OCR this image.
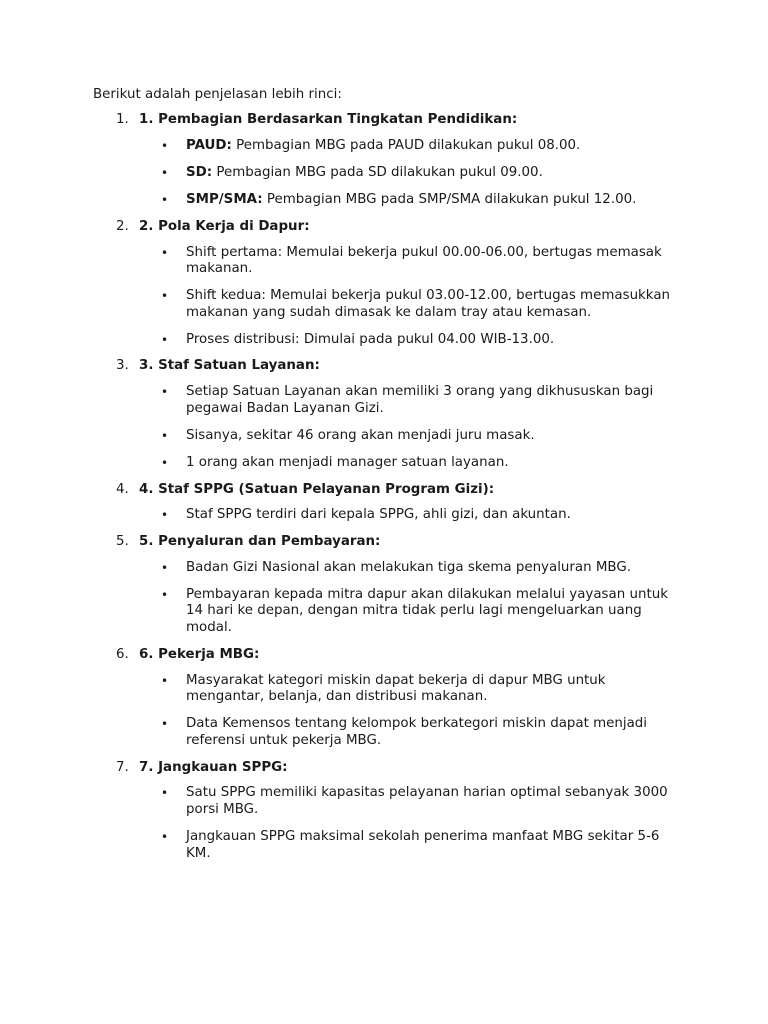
Berikut adalah penjelasan lebih rinci:

1. 1. Pembagian Berdasarkan Tingkatan Pendidikan:
• PAUD: Pembagian MBG pada PAUD dilakukan pukul 08.00.
• SD: Pembagian MBG pada SD dilakukan pukul 09.00.
• SMP/SMA: Pembagian MBG pada SMP/SMA dilakukan pukul 12.00.
2. 2. Pola Kerja di Dapur:
• Shift pertama: Memulai bekerja pukul 00.00-06.00, bertugas memasak makanan.
• Shift kedua: Memulai bekerja pukul 03.00-12.00, bertugas memasukkan makanan yang sudah dimasak ke dalam tray atau kemasan.
• Proses distribusi: Dimulai pada pukul 04.00 WIB-13.00.
3. 3. Staf Satuan Layanan:
• Setiap Satuan Layanan akan memiliki 3 orang yang dikhususkan bagi pegawai Badan Layanan Gizi.
• Sisanya, sekitar 46 orang akan menjadi juru masak.
• 1 orang akan menjadi manager satuan layanan.
4. 4. Staf SPPG (Satuan Pelayanan Program Gizi):
• Staf SPPG terdiri dari kepala SPPG, ahli gizi, dan akuntan.
5. 5. Penyaluran dan Pembayaran:
• Badan Gizi Nasional akan melakukan tiga skema penyaluran MBG.
• Pembayaran kepada mitra dapur akan dilakukan melalui yayasan untuk 14 hari ke depan, dengan mitra tidak perlu lagi mengeluarkan uang modal.
6. 6. Pekerja MBG:
• Masyarakat kategori miskin dapat bekerja di dapur MBG untuk mengantar, belanja, dan distribusi makanan.
• Data Kemensos tentang kelompok berkategori miskin dapat menjadi referensi untuk pekerja MBG.
7. 7. Jangkauan SPPG:
• Satu SPPG memiliki kapasitas pelayanan harian optimal sebanyak 3000 porsi MBG.
• Jangkauan SPPG maksimal sekolah penerima manfaat MBG sekitar 5-6 KM.
